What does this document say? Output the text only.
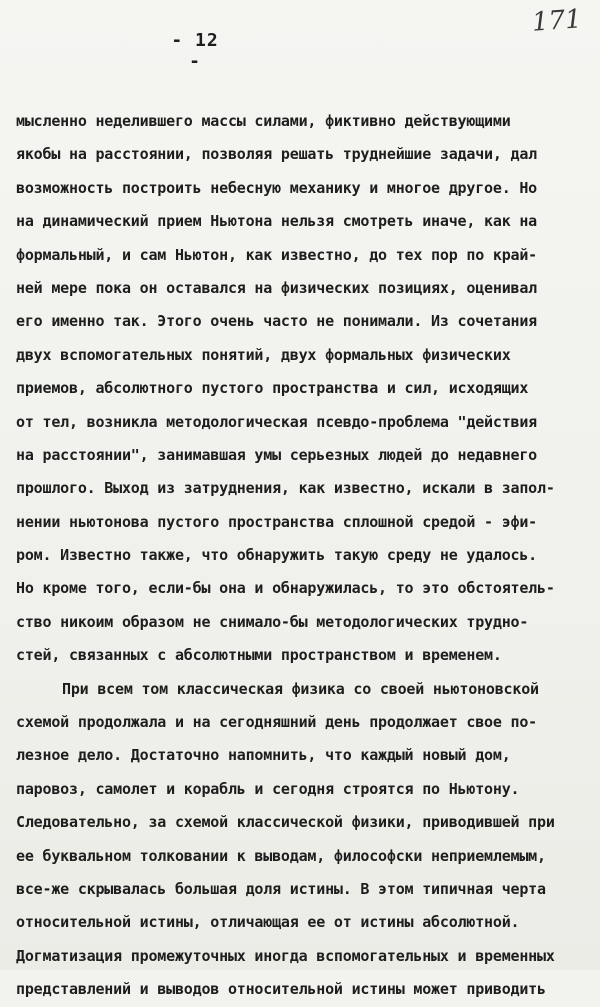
- 12 -
171
мысленно неделившего массы силами, фиктивно действующими
якобы на расстоянии, позволяя решать труднейшие задачи, дал
возможность построить небесную механику и многое другое. Но
на динамический прием Ньютона нельзя смотреть иначе, как на
формальный, и сам Ньютон, как известно, до тех пор по край-
ней мере пока он оставался на физических позициях, оценивал
его именно так. Этого очень часто не понимали. Из сочетания
двух вспомогательных понятий, двух формальных физических
приемов, абсолютного пустого пространства и сил, исходящих
от тел, возникла методологическая псевдо-проблема "действия
на расстоянии", занимавшая умы серьезных людей до недавнего
прошлого. Выход из затруднения, как известно, искали в запол-
нении ньютонова пустого пространства сплошной средой - эфи-
ром. Известно также, что обнаружить такую среду не удалось.
Но кроме того, если-бы она и обнаружилась, то это обстоятель-
ство никоим образом не снимало-бы методологических трудно-
стей, связанных с абсолютными пространством и временем.
При всем том классическая физика со своей ньютоновской
схемой продолжала и на сегодняшний день продолжает свое по-
лезное дело. Достаточно напомнить, что каждый новый дом,
паровоз, самолет и корабль и сегодня строятся по Ньютону.
Следовательно, за схемой классической физики, приводившей при
ее буквальном толковании к выводам, философски неприемлемым,
все-же скрывалась большая доля истины. В этом типичная черта
относительной истины, отличающая ее от истины абсолютной.
Догматизация промежуточных иногда вспомогательных и временных
представлений и выводов относительной истины может приводить
